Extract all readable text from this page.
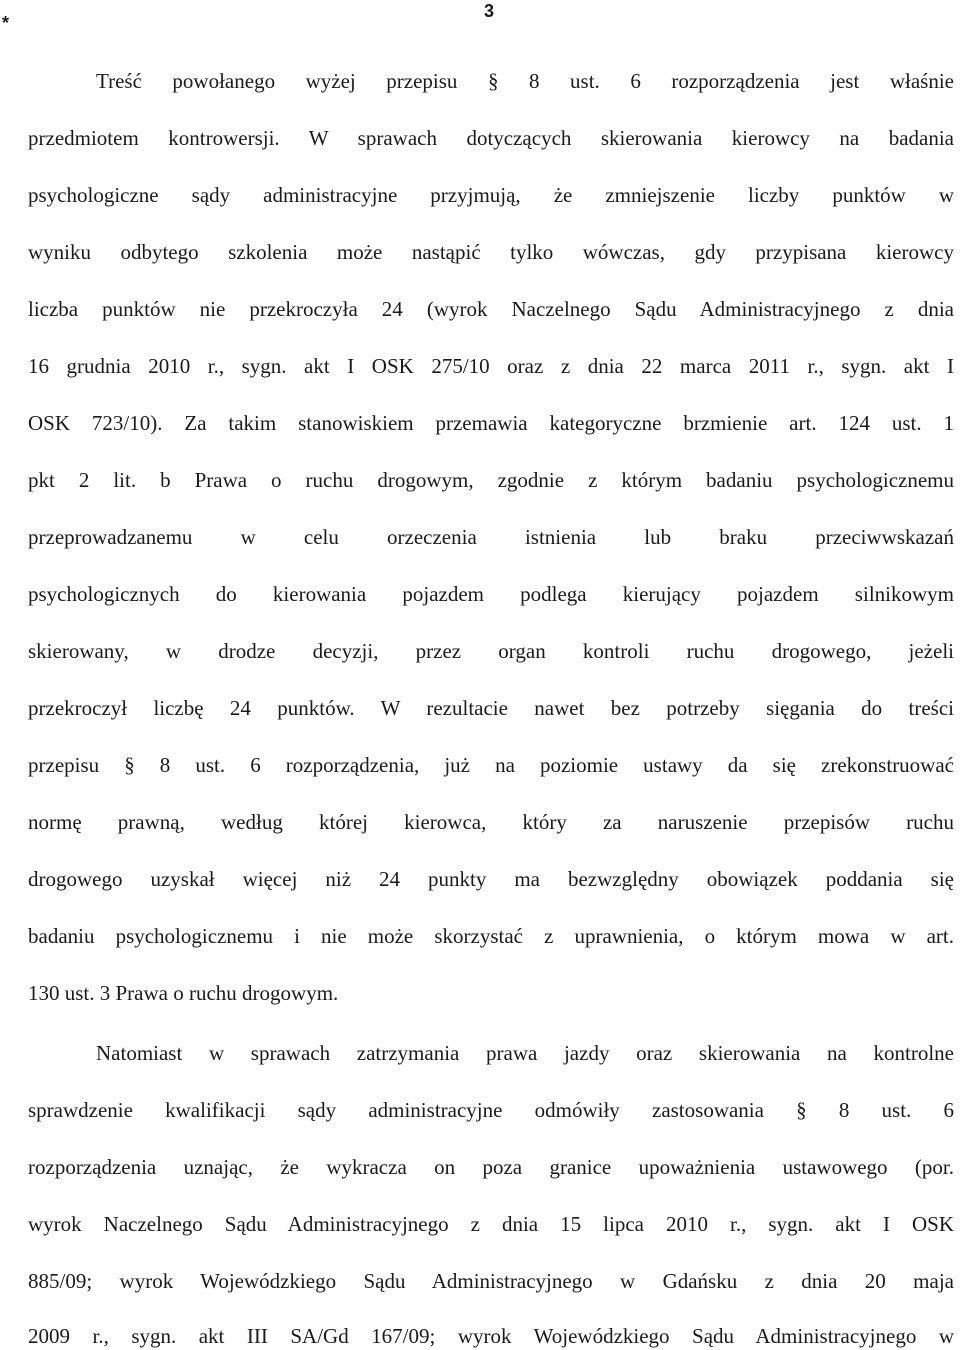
*
3
Treść powołanego wyżej przepisu § 8 ust. 6 rozporządzenia jest właśnie
przedmiotem kontrowersji. W sprawach dotyczących skierowania kierowcy na badania
psychologiczne sądy administracyjne przyjmują, że zmniejszenie liczby punktów w
wyniku odbytego szkolenia może nastąpić tylko wówczas, gdy przypisana kierowcy
liczba punktów nie przekroczyła 24 (wyrok Naczelnego Sądu Administracyjnego z dnia
16 grudnia 2010 r., sygn. akt I OSK 275/10 oraz z dnia 22 marca 2011 r., sygn. akt I
OSK 723/10). Za takim stanowiskiem przemawia kategoryczne brzmienie art. 124 ust. 1
pkt 2 lit. b Prawa o ruchu drogowym, zgodnie z którym badaniu psychologicznemu
przeprowadzanemu w celu orzeczenia istnienia lub braku przeciwwskazań
psychologicznych do kierowania pojazdem podlega kierujący pojazdem silnikowym
skierowany, w drodze decyzji, przez organ kontroli ruchu drogowego, jeżeli
przekroczył liczbę 24 punktów. W rezultacie nawet bez potrzeby sięgania do treści
przepisu § 8 ust. 6 rozporządzenia, już na poziomie ustawy da się zrekonstruować
normę prawną, według której kierowca, który za naruszenie przepisów ruchu
drogowego uzyskał więcej niż 24 punkty ma bezwzględny obowiązek poddania się
badaniu psychologicznemu i nie może skorzystać z uprawnienia, o którym mowa w art.
130 ust. 3 Prawa o ruchu drogowym.
Natomiast w sprawach zatrzymania prawa jazdy oraz skierowania na kontrolne
sprawdzenie kwalifikacji sądy administracyjne odmówiły zastosowania § 8 ust. 6
rozporządzenia uznając, że wykracza on poza granice upoważnienia ustawowego (por.
wyrok Naczelnego Sądu Administracyjnego z dnia 15 lipca 2010 r., sygn. akt I OSK
885/09; wyrok Wojewódzkiego Sądu Administracyjnego w Gdańsku z dnia 20 maja
2009 r., sygn. akt III SA/Gd 167/09; wyrok Wojewódzkiego Sądu Administracyjnego w
